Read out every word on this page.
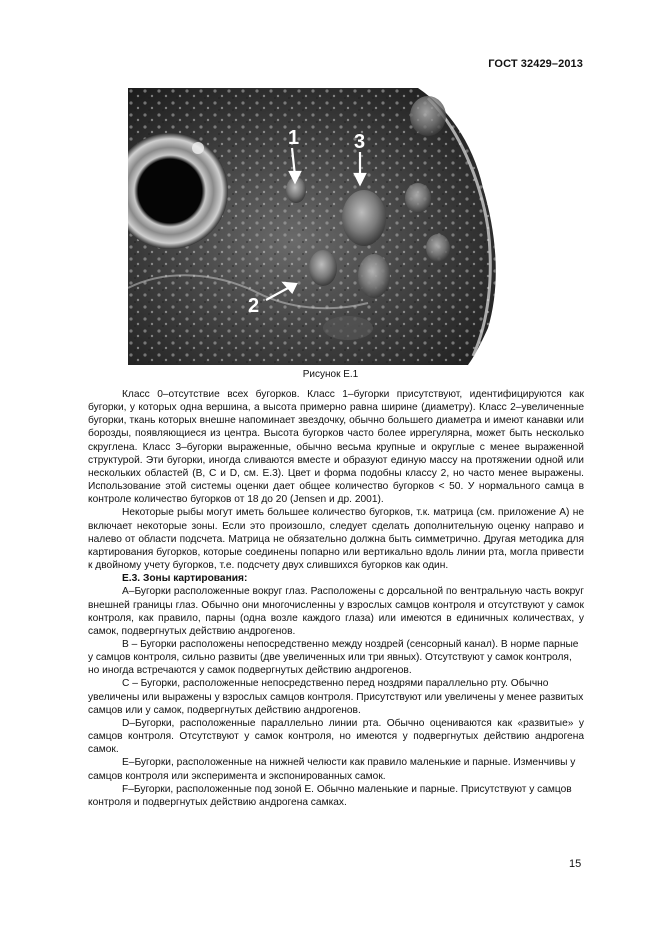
ГОСТ 32429–2013
1	3
2
Рисунок Е.1

Класс 0–отсутствие всех бугорков. Класс 1–бугорки присутствуют, идентифицируются как бугорки, у которых одна вершина, а высота примерно равна ширине (диаметру). Класс 2–увеличенные бугорки, ткань которых внешне напоминает звездочку, обычно большего диаметра и имеют канавки или борозды, появляющиеся из центра. Высота бугорков часто более иррегулярна, может быть несколько скруглена. Класс 3–бугорки выраженные, обычно весьма крупные и округлые с менее выраженной структурой. Эти бугорки, иногда сливаются вместе и образуют единую массу на протяжении одной или нескольких областей (B, C и D, см. Е.3). Цвет и форма подобны классу 2, но часто менее выражены. Использование этой системы оценки дает общее количество бугорков < 50. У нормального самца в контроле количество бугорков от 18 до 20 (Jensen и др. 2001).

Некоторые рыбы могут иметь большее количество бугорков, т.к. матрица (см. приложение А) не включает некоторые зоны. Если это произошло, следует сделать дополнительную оценку направо и налево от области подсчета. Матрица не обязательно должна быть симметрично. Другая методика для картирования бугорков, которые соединены попарно или вертикально вдоль линии рта, могла привести к двойному учету бугорков, т.е. подсчету двух слившихся бугорков как один.

Е.3. Зоны картирования:

А–Бугорки расположенные вокруг глаз. Расположены с дорсальной по вентральную часть вокруг внешней границы глаз. Обычно они многочисленны у взрослых самцов контроля и отсутствуют у самок контроля, как правило, парны (одна возле каждого глаза) или имеются в единичных количествах, у самок, подвергнутых действию андрогенов.

В – Бугорки расположены непосредственно между ноздрей (сенсорный канал). В норме парные у самцов контроля, сильно развиты (две увеличенных или три явных). Отсутствуют у самок контроля, но иногда встречаются у самок подвергнутых действию андрогенов.

С – Бугорки, расположенные непосредственно перед ноздрями параллельно рту. Обычно увеличены или выражены у взрослых самцов контроля. Присутствуют или увеличены у менее развитых самцов или у самок, подвергнутых действию андрогенов.

D–Бугорки, расположенные параллельно линии рта. Обычно оцениваются как «развитые» у самцов контроля. Отсутствуют у самок контроля, но имеются у подвергнутых действию андрогена самок.

Е–Бугорки, расположенные на нижней челюсти как правило маленькие и парные. Изменчивы у самцов контроля или эксперимента и экспонированных самок.

F–Бугорки, расположенные под зоной Е. Обычно маленькие и парные. Присутствуют у самцов контроля и подвергнутых действию андрогена самках.

15
